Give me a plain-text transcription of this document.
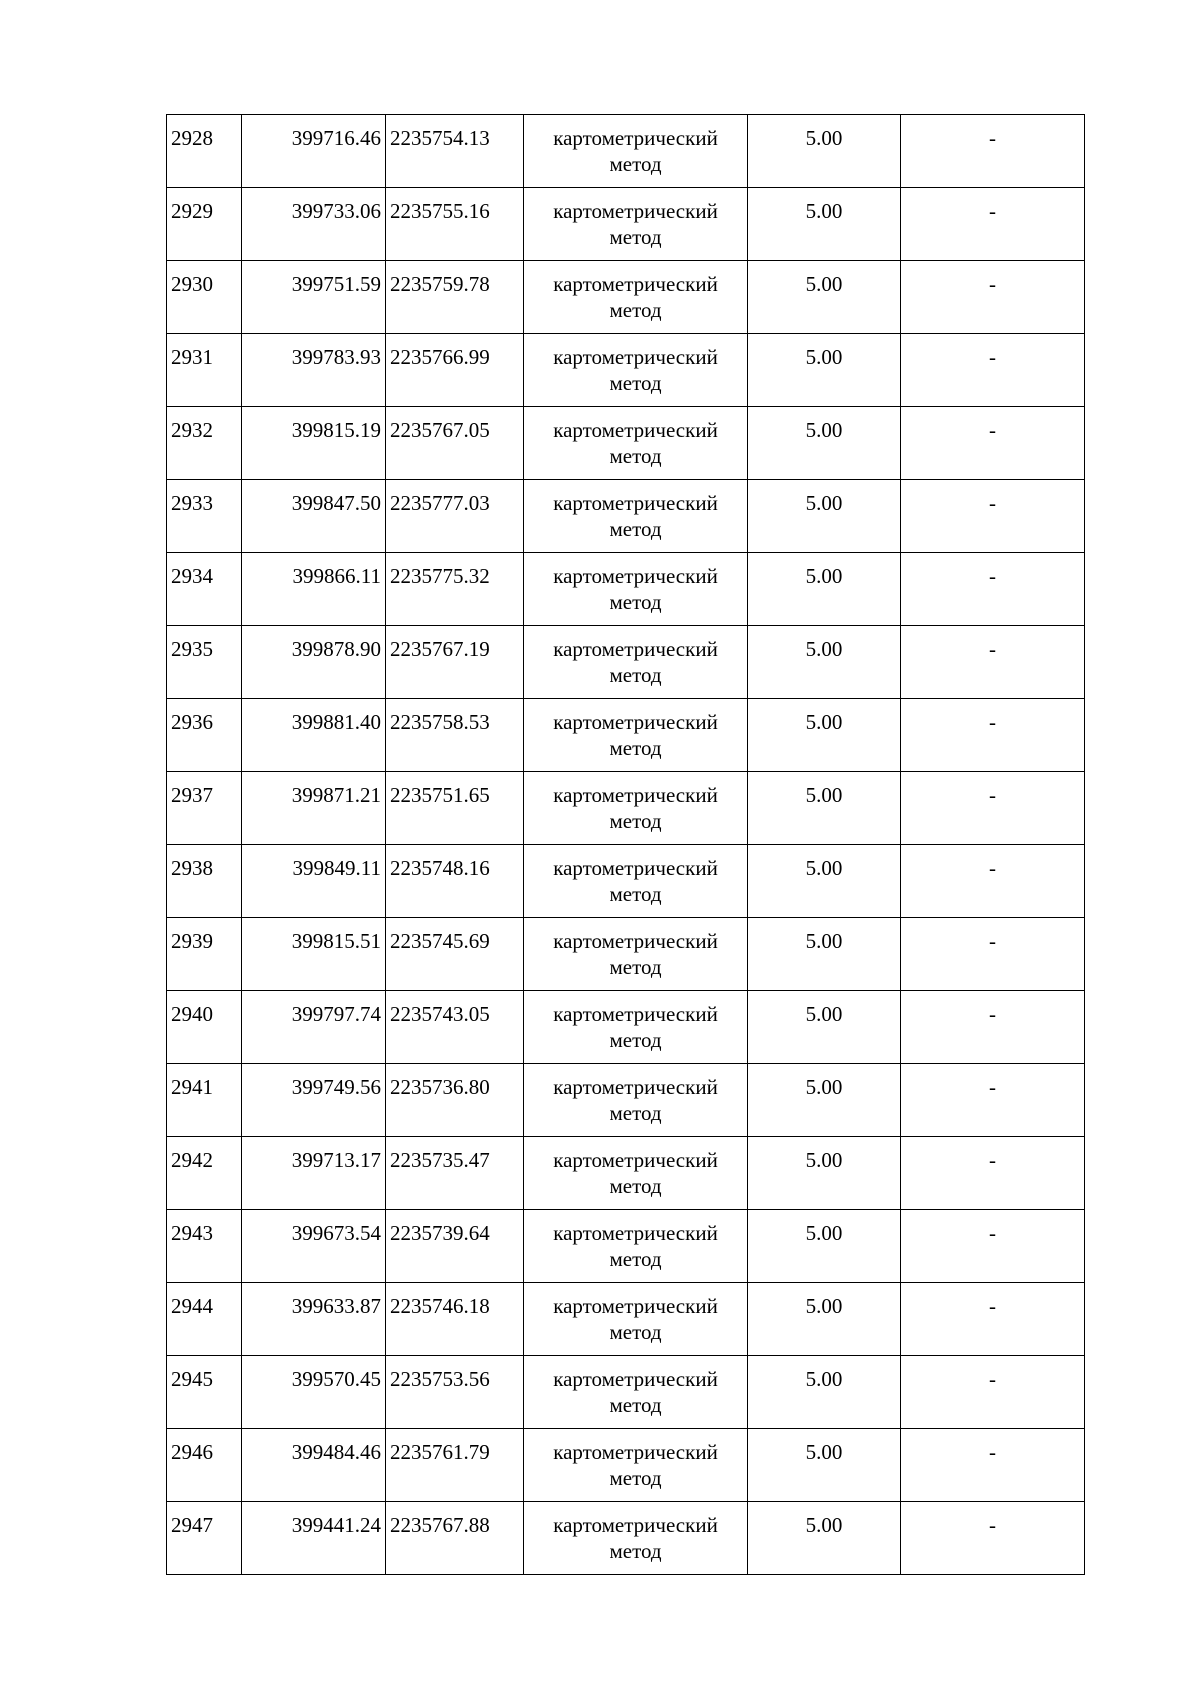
2928	399716.46	2235754.13	картометрический метод	5.00	-
2929	399733.06	2235755.16	картометрический метод	5.00	-
2930	399751.59	2235759.78	картометрический метод	5.00	-
2931	399783.93	2235766.99	картометрический метод	5.00	-
2932	399815.19	2235767.05	картометрический метод	5.00	-
2933	399847.50	2235777.03	картометрический метод	5.00	-
2934	399866.11	2235775.32	картометрический метод	5.00	-
2935	399878.90	2235767.19	картометрический метод	5.00	-
2936	399881.40	2235758.53	картометрический метод	5.00	-
2937	399871.21	2235751.65	картометрический метод	5.00	-
2938	399849.11	2235748.16	картометрический метод	5.00	-
2939	399815.51	2235745.69	картометрический метод	5.00	-
2940	399797.74	2235743.05	картометрический метод	5.00	-
2941	399749.56	2235736.80	картометрический метод	5.00	-
2942	399713.17	2235735.47	картометрический метод	5.00	-
2943	399673.54	2235739.64	картометрический метод	5.00	-
2944	399633.87	2235746.18	картометрический метод	5.00	-
2945	399570.45	2235753.56	картометрический метод	5.00	-
2946	399484.46	2235761.79	картометрический метод	5.00	-
2947	399441.24	2235767.88	картометрический метод	5.00	-
